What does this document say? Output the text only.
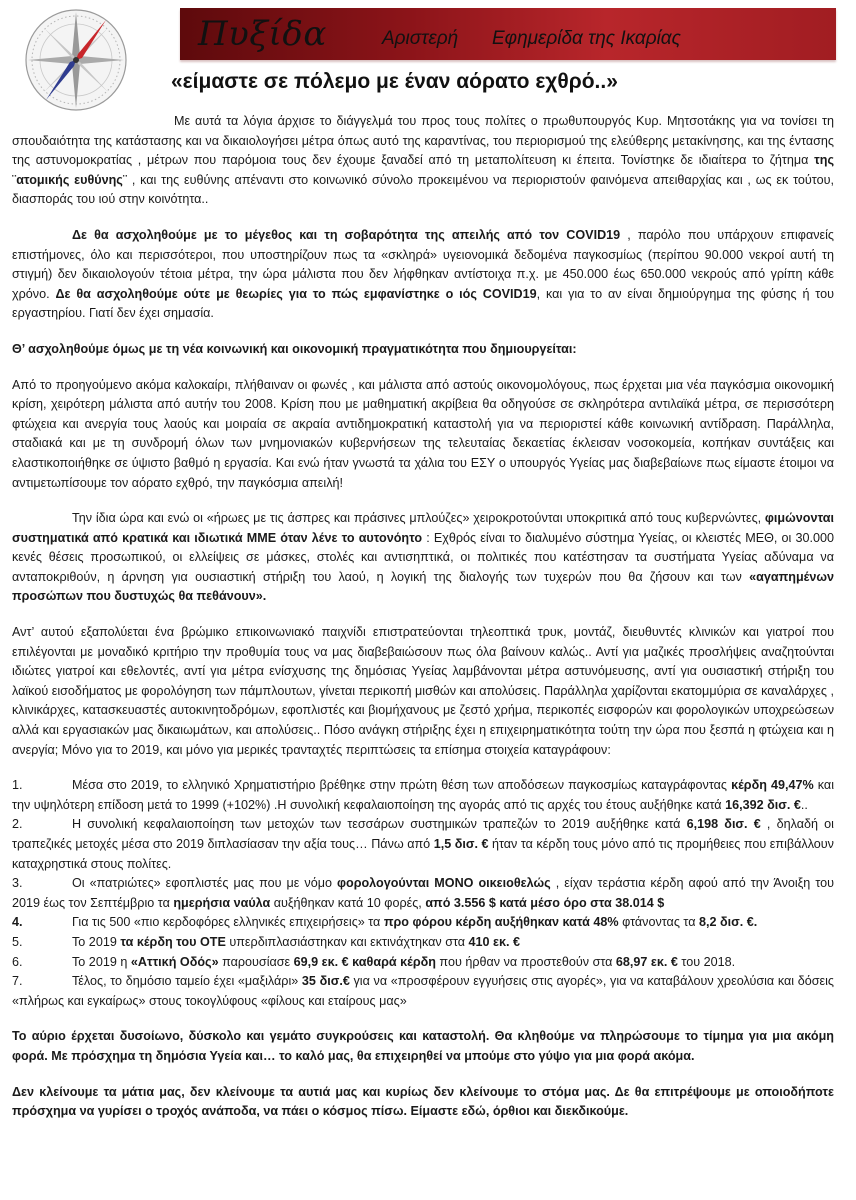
Πυξίδα	Αριστερή Εφημερίδα της Ικαρίας
«είμαστε σε πόλεμο με έναν αόρατο εχθρό..»

Με αυτά τα λόγια άρχισε το διάγγελμά του προς τους πολίτες ο πρωθυπουργός Κυρ. Μητσοτάκης για να τονίσει τη σπουδαιότητα της κατάστασης και να δικαιολογήσει μέτρα όπως αυτό της καραντίνας, του περιορισμού της ελεύθερης μετακίνησης, και της έντασης της αστυνομοκρατίας , μέτρων που παρόμοια τους δεν έχουμε ξαναδεί από τη μεταπολίτευση κι έπειτα. Τονίστηκε δε ιδιαίτερα το ζήτημα της ¨ατομικής ευθύνης¨ , και της ευθύνης απέναντι στο κοινωνικό σύνολο προκειμένου να περιοριστούν φαινόμενα απειθαρχίας και , ως εκ τούτου, διασποράς του ιού στην κοινότητα..

Δε θα ασχοληθούμε με το μέγεθος και τη σοβαρότητα της απειλής από τον COVID19 , παρόλο που υπάρχουν επιφανείς επιστήμονες, όλο και περισσότεροι, που υποστηρίζουν πως τα «σκληρά» υγειονομικά δεδομένα παγκοσμίως (περίπου 90.000 νεκροί αυτή τη στιγμή) δεν δικαιολογούν τέτοια μέτρα, την ώρα μάλιστα που δεν λήφθηκαν αντίστοιχα π.χ. με 450.000 έως 650.000 νεκρούς από γρίπη κάθε χρόνο. Δε θα ασχοληθούμε ούτε με θεωρίες για το πώς εμφανίστηκε ο ιός COVID19, και για το αν είναι δημιούργημα της φύσης ή του εργαστηρίου. Γιατί δεν έχει σημασία.

Θ’ ασχοληθούμε όμως με τη νέα κοινωνική και οικονομική πραγματικότητα που δημιουργείται:

Από το προηγούμενο ακόμα καλοκαίρι, πλήθαιναν οι φωνές , και μάλιστα από αστούς οικονομολόγους, πως έρχεται μια νέα παγκόσμια οικονομική κρίση, χειρότερη μάλιστα από αυτήν του 2008. Κρίση που με μαθηματική ακρίβεια θα οδηγούσε σε σκληρότερα αντιλαϊκά μέτρα, σε περισσότερη φτώχεια και ανεργία τους λαούς και μοιραία σε ακραία αντιδημοκρατική καταστολή για να περιοριστεί κάθε κοινωνική αντίδραση. Παράλληλα, σταδιακά και με τη συνδρομή όλων των μνημονιακών κυβερνήσεων της τελευταίας δεκαετίας έκλεισαν νοσοκομεία, κοπήκαν συντάξεις και ελαστικοποιήθηκε σε ύψιστο βαθμό η εργασία. Και ενώ ήταν γνωστά τα χάλια του ΕΣΥ ο υπουργός Υγείας μας διαβεβαίωνε πως είμαστε έτοιμοι να αντιμετωπίσουμε τον αόρατο εχθρό, την παγκόσμια απειλή!

Την ίδια ώρα και ενώ οι «ήρωες με τις άσπρες και πράσινες μπλούζες» χειροκροτούνται υποκριτικά από τους κυβερνώντες, φιμώνονται συστηματικά από κρατικά και ιδιωτικά ΜΜΕ όταν λένε το αυτονόητο : Εχθρός είναι το διαλυμένο σύστημα Υγείας, οι κλειστές ΜΕΘ, οι 30.000 κενές θέσεις προσωπικού, οι ελλείψεις σε μάσκες, στολές και αντισηπτικά, οι πολιτικές που κατέστησαν τα συστήματα Υγείας αδύναμα να ανταποκριθούν, η άρνηση για ουσιαστική στήριξη του λαού, η λογική της διαλογής των τυχερών που θα ζήσουν και των «αγαπημένων προσώπων που δυστυχώς θα πεθάνουν».

Αντ’ αυτού εξαπολύεται ένα βρώμικο επικοινωνιακό παιχνίδι επιστρατεύονται τηλεοπτικά τρυκ, μοντάζ, διευθυντές κλινικών και γιατροί που επιλέγονται με μοναδικό κριτήριο την προθυμία τους να μας διαβεβαιώσουν πως όλα βαίνουν καλώς.. Αντί για μαζικές προσλήψεις αναζητούνται ιδιώτες γιατροί και εθελοντές, αντί για μέτρα ενίσχυσης της δημόσιας Υγείας λαμβάνονται μέτρα αστυνόμευσης, αντί για ουσιαστική στήριξη του λαϊκού εισοδήματος με φορολόγηση των πάμπλουτων, γίνεται περικοπή μισθών και απολύσεις. Παράλληλα χαρίζονται εκατομμύρια σε καναλάρχες , κλινικάρχες, κατασκευαστές αυτοκινητοδρόμων, εφοπλιστές και βιομήχανους με ζεστό χρήμα, περικοπές εισφορών και φορολογικών υποχρεώσεων αλλά και εργασιακών μας δικαιωμάτων, και απολύσεις.. Πόσο ανάγκη στήριξης έχει η επιχειρηματικότητα τούτη την ώρα που ξεσπά η φτώχεια και η ανεργία; Μόνο για το 2019, και μόνο για μερικές τρανταχτές περιπτώσεις τα επίσημα στοιχεία καταγράφουν:

1.	Μέσα στο 2019, το ελληνικό Χρηματιστήριο βρέθηκε στην πρώτη θέση των αποδόσεων παγκοσμίως καταγράφοντας κέρδη 49,47% και την υψηλότερη επίδοση μετά το 1999 (+102%) .Η συνολική κεφαλαιοποίηση της αγοράς από τις αρχές του έτους αυξήθηκε κατά 16,392 δισ. €..

2.	Η συνολική κεφαλαιοποίηση των μετοχών των τεσσάρων συστημικών τραπεζών το 2019 αυξήθηκε κατά 6,198 δισ. € , δηλαδή οι τραπεζικές μετοχές μέσα στο 2019 διπλασίασαν την αξία τους… Πάνω από 1,5 δισ. € ήταν τα κέρδη τους μόνο από τις προμήθειες που επιβάλλουν καταχρηστικά στους πολίτες.

3.	Οι «πατριώτες» εφοπλιστές μας που με νόμο φορολογούνται ΜΟΝΟ οικειοθελώς , είχαν τεράστια κέρδη αφού από την Άνοιξη του 2019 έως τον Σεπτέμβριο τα ημερήσια ναύλα αυξήθηκαν κατά 10 φορές, από 3.556 $ κατά μέσο όρο στα 38.014 $

4.	Για τις 500 «πιο κερδοφόρες ελληνικές επιχειρήσεις» τα προ φόρου κέρδη αυξήθηκαν κατά 48% φτάνοντας τα 8,2 δισ. €.

5.	Το 2019 τα κέρδη του ΟΤΕ υπερδιπλασιάστηκαν και εκτινάχτηκαν στα 410 εκ. €

6.	Το 2019 η «Αττική Οδός» παρουσίασε 69,9 εκ. € καθαρά κέρδη που ήρθαν να προστεθούν στα 68,97 εκ. € του 2018.

7.	Τέλος, το δημόσιο ταμείο έχει «μαξιλάρι» 35 δισ.€ για να «προσφέρουν εγγυήσεις στις αγορές», για να καταβάλουν χρεολύσια και δόσεις «πλήρως και εγκαίρως» στους τοκογλύφους «φίλους και εταίρους μας»

Το αύριο έρχεται δυσοίωνο, δύσκολο και γεμάτο συγκρούσεις και καταστολή. Θα κληθούμε να πληρώσουμε το τίμημα για μια ακόμη φορά. Με πρόσχημα τη δημόσια Υγεία και… το καλό μας, θα επιχειρηθεί να μπούμε στο γύψο για μια φορά ακόμα.

Δεν κλείνουμε τα μάτια μας, δεν κλείνουμε τα αυτιά μας και κυρίως δεν κλείνουμε το στόμα μας. Δε θα επιτρέψουμε με οποιοδήποτε πρόσχημα να γυρίσει ο τροχός ανάποδα, να πάει ο κόσμος πίσω. Είμαστε εδώ, όρθιοι και διεκδικούμε.
